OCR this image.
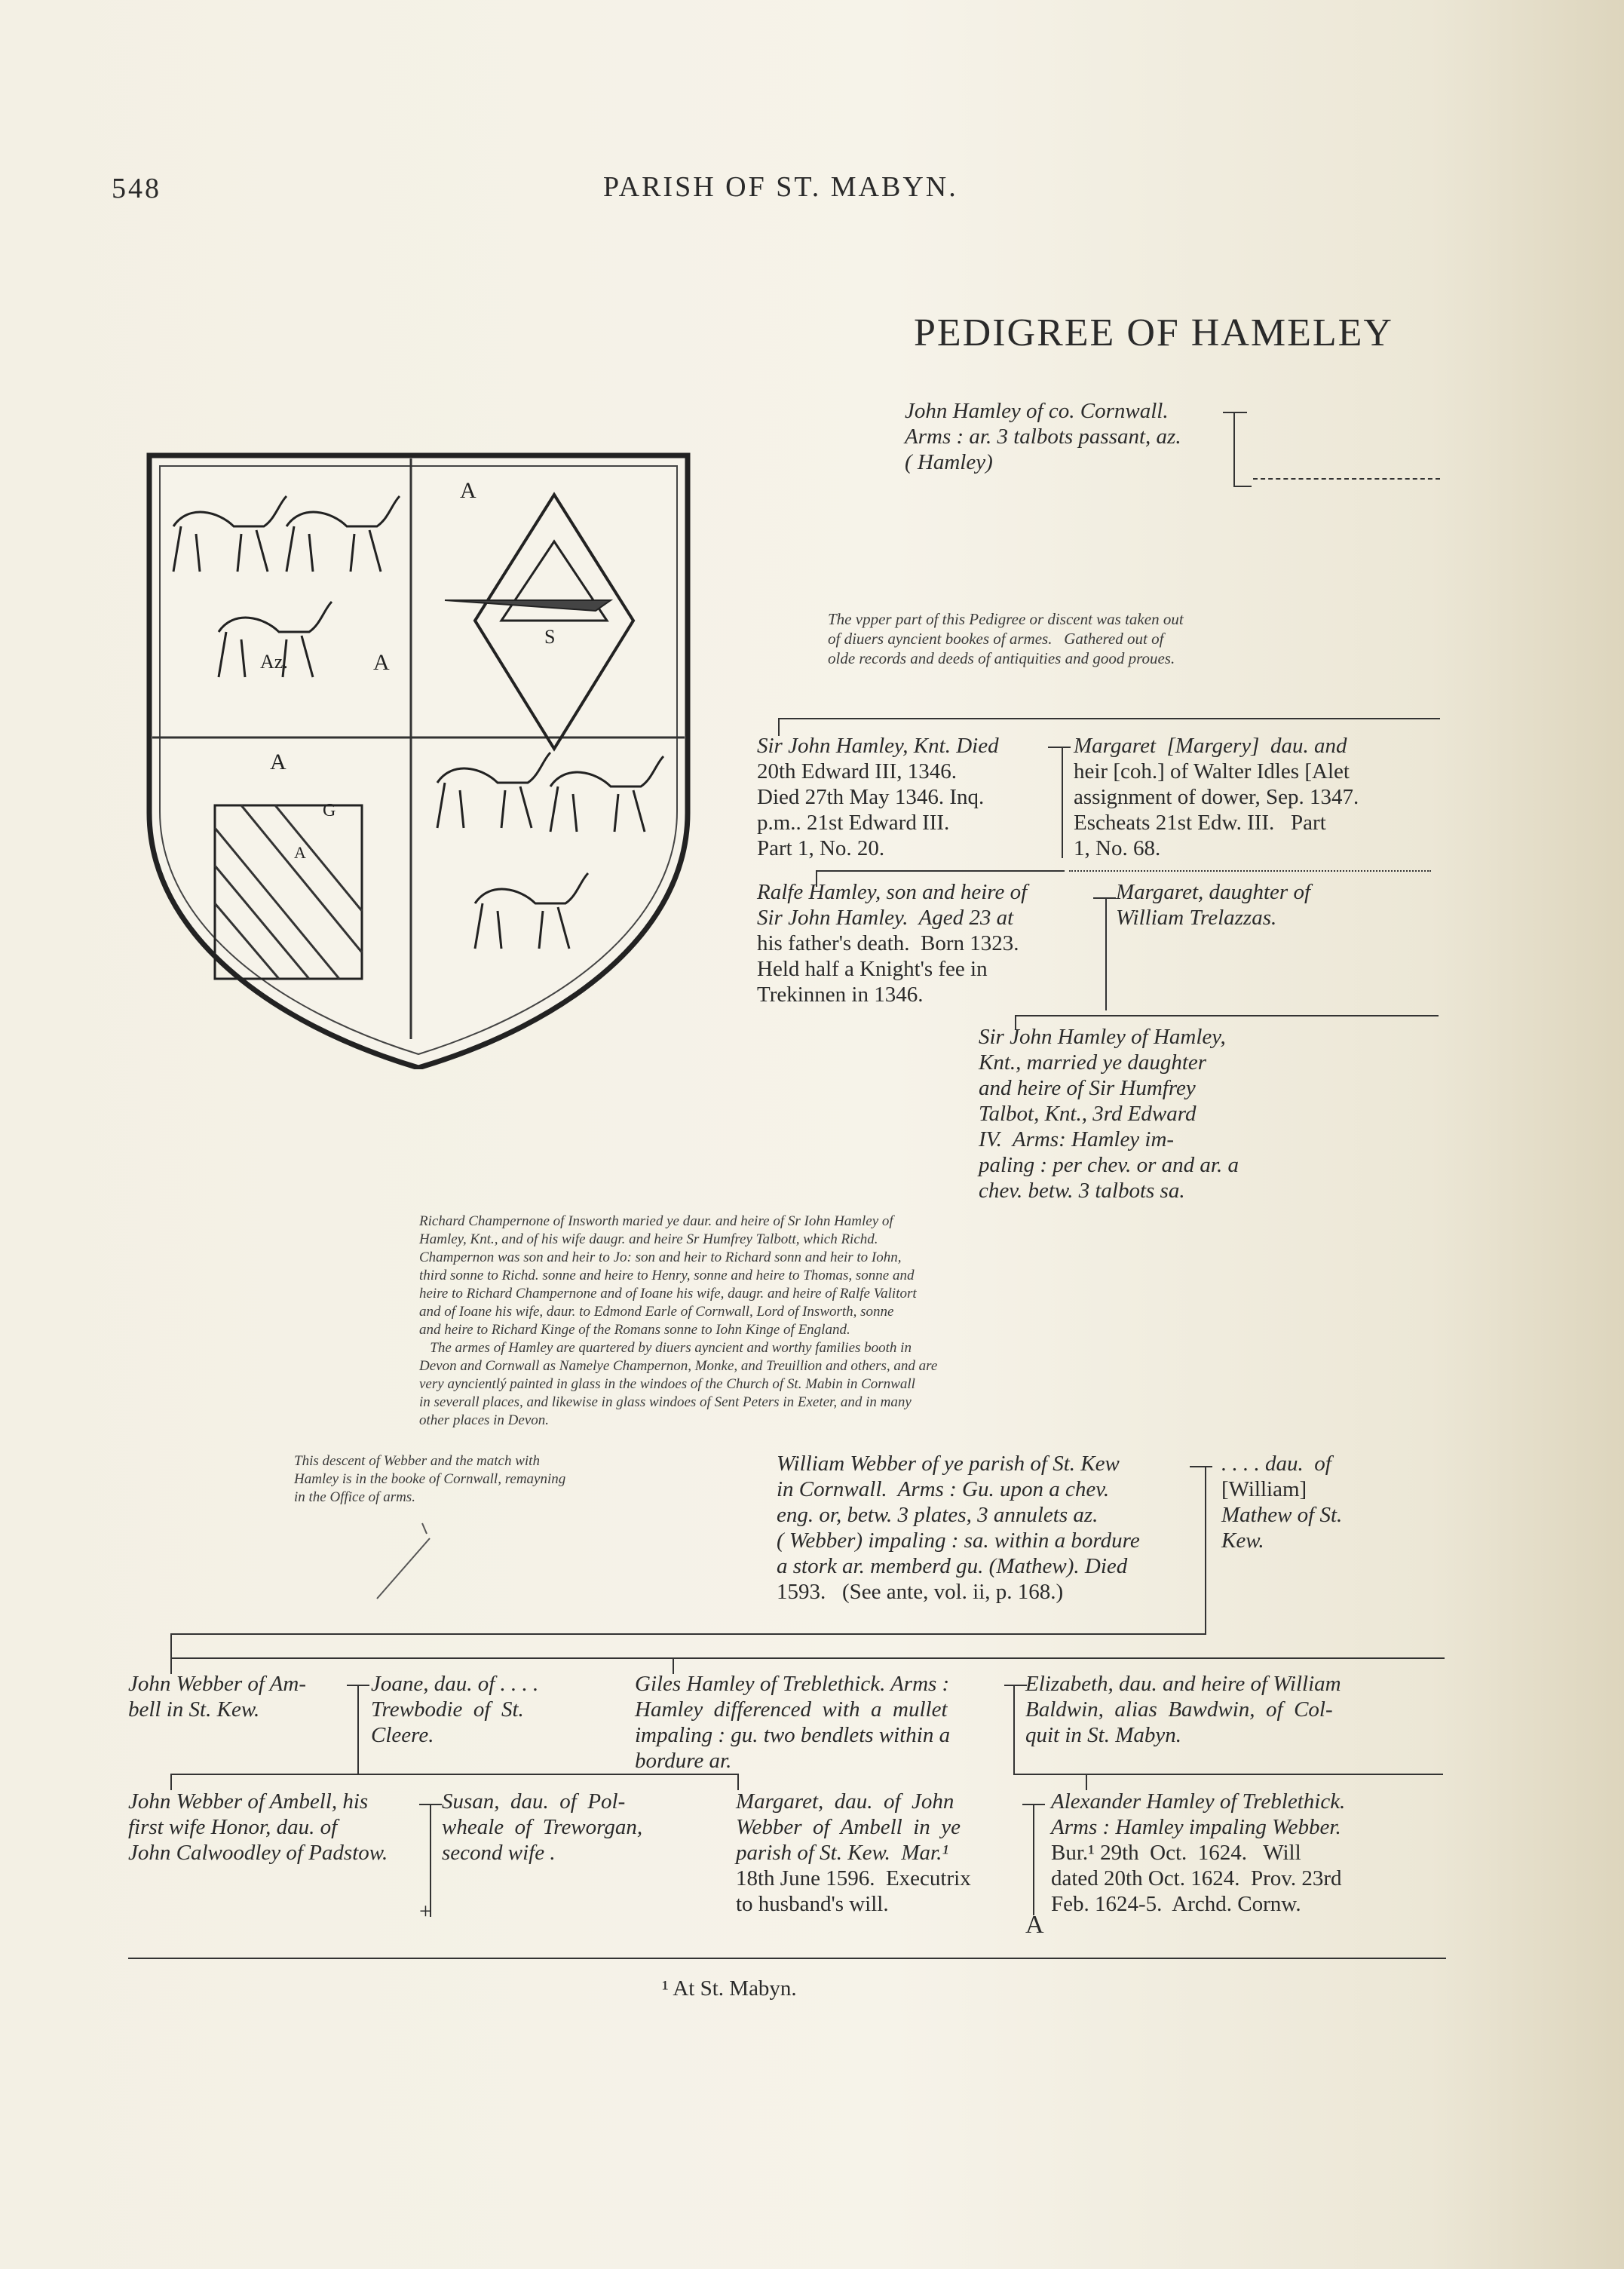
548	PARISH OF ST. MABYN.
PEDIGREE OF HAMELEY
Az.	A
A
S
A
G
A
John Hamley of co. Cornwall.
Arms : ar. 3 talbots passant, az.
( Hamley)
The vpper part of this Pedigree or discent was taken out
of diuers ayncient bookes of armes.   Gathered out of
olde records and deeds of antiquities and good proues.
Sir John Hamley, Knt. Died
20th Edward III, 1346.
Died 27th May 1346. Inq.
p.m.. 21st Edward III.
Part 1, No. 20.
Margaret  [Margery]  dau. and
heir [coh.] of Walter Idles [Alet
assignment of dower, Sep. 1347.
Escheats 21st Edw. III.   Part
1, No. 68.
Ralfe Hamley, son and heire of
Sir John Hamley.  Aged 23 at
his father's death.  Born 1323.
Held half a Knight's fee in
Trekinnen in 1346.
Margaret, daughter of
William Trelazzas.
Sir John Hamley of Hamley,
Knt., married ye daughter
and heire of Sir Humfrey
Talbot, Knt., 3rd Edward
IV.  Arms: Hamley im-
paling : per chev. or and ar. a
chev. betw. 3 talbots sa.
Richard Champernone of Insworth maried ye daur. and heire of Sr Iohn Hamley of
Hamley, Knt., and of his wife daugr. and heire Sr Humfrey Talbott, which Richd.
Champernon was son and heir to Jo: son and heir to Richard sonn and heir to Iohn,
third sonne to Richd. sonne and heire to Henry, sonne and heire to Thomas, sonne and
heire to Richard Champernone and of Ioane his wife, daugr. and heire of Ralfe Valitort
and of Ioane his wife, daur. to Edmond Earle of Cornwall, Lord of Insworth, sonne
and heire to Richard Kinge of the Romans sonne to Iohn Kinge of England.
The armes of Hamley are quartered by diuers ayncient and worthy families booth in
Devon and Cornwall as Namelye Champernon, Monke, and Treuillion and others, and are
very ayncientlý painted in glass in the windoes of the Church of St. Mabin in Cornwall
in severall places, and likewise in glass windoes of Sent Peters in Exeter, and in many
other places in Devon.
This descent of Webber and the match with
Hamley is in the booke of Cornwall, remayning
in the Office of arms.
William Webber of ye parish of St. Kew
in Cornwall.  Arms : Gu. upon a chev.
eng. or, betw. 3 plates, 3 annulets az.
( Webber) impaling : sa. within a bordure
a stork ar. memberd gu. (Mathew). Died
1593.   (See ante, vol. ii, p. 168.)
. . . . dau.  of
[William]
Mathew of St.
Kew.
John Webber of Am-
bell in St. Kew.
Joane, dau. of . . . .
Trewbodie  of  St.
Cleere.
Giles Hamley of Treblethick. Arms :
Hamley  differenced  with  a  mullet
impaling : gu. two bendlets within a
bordure ar.
Elizabeth, dau. and heire of William
Baldwin,  alias  Bawdwin,  of  Col-
quit in St. Mabyn.
John Webber of Ambell, his
first wife Honor, dau. of
John Calwoodley of Padstow.
+
Susan,  dau.  of  Pol-
wheale  of  Treworgan,
second wife .
Margaret,  dau.  of  John
Webber  of  Ambell  in  ye
parish of St. Kew.  Mar.¹
18th June 1596.  Executrix
to husband's will.
Alexander Hamley of Treblethick.
Arms : Hamley impaling Webber.
Bur.¹ 29th  Oct.  1624.   Will
dated 20th Oct. 1624.  Prov. 23rd
Feb. 1624-5.  Archd. Cornw.
A
¹ At St. Mabyn.
